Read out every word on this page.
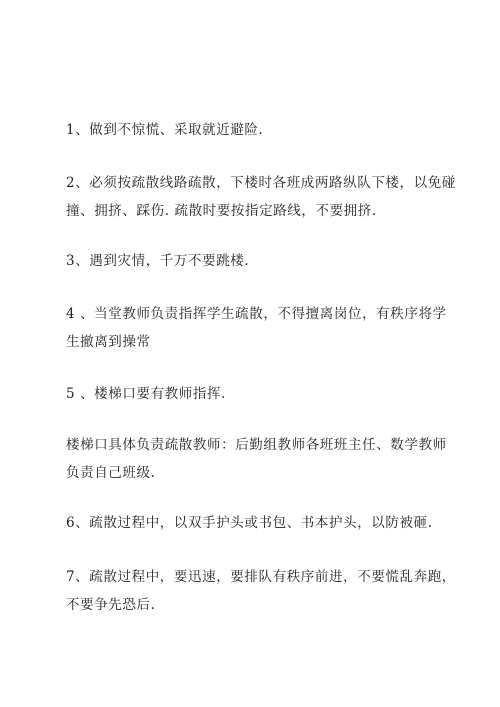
1、做到不惊慌、采取就近避险.

2、必须按疏散线路疏散，下楼时各班成两路纵队下楼，以免碰撞、拥挤、踩伤. 疏散时要按指定路线，不要拥挤.

3、遇到灾情，千万不要跳楼.

4 、当堂教师负责指挥学生疏散，不得擅离岗位，有秩序将学生撤离到操常

5 、楼梯口要有教师指挥.

楼梯口具体负责疏散教师：后勤组教师各班班主任、数学教师负责自己班级.

6、疏散过程中，以双手护头或书包、书本护头，以防被砸.

7、疏散过程中，要迅速，要排队有秩序前进，不要慌乱奔跑，不要争先恐后.
